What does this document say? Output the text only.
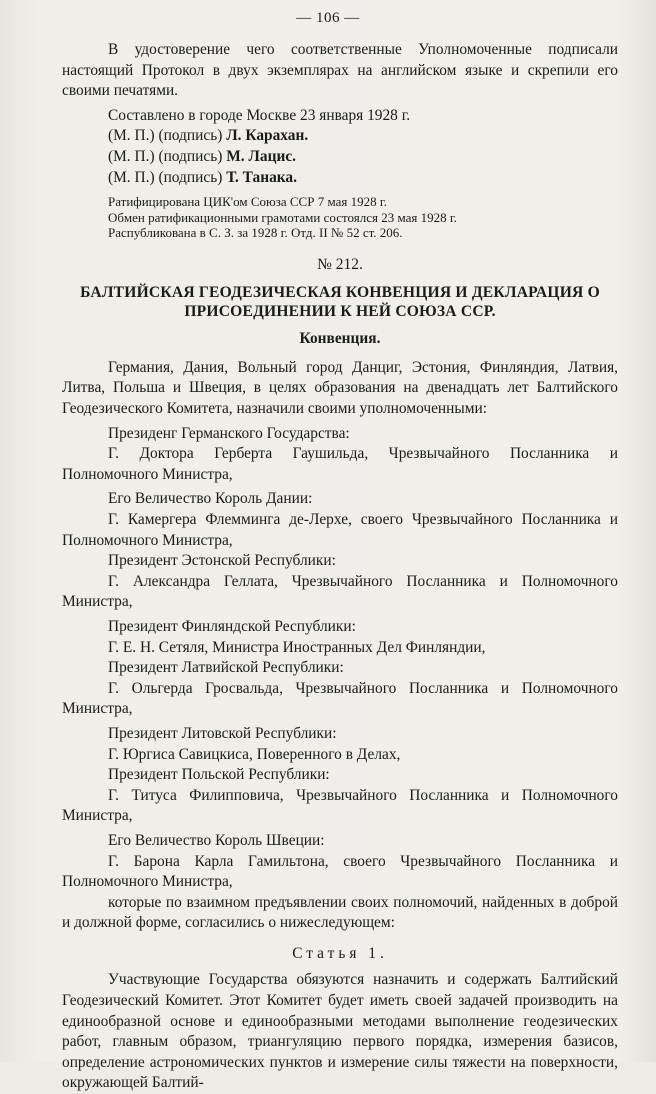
— 106 —

В удостоверение чего соответственные Уполномоченные подписали настоящий Протокол в двух экземплярах на английском языке и скрепили его своими печатями.

Составлено в городе Москве 23 января 1928 г.

(М. П.) (подпись) Л. Карахан.

(М. П.) (подпись) М. Лацис.

(М. П.) (подпись) Т. Танака.

Ратифицирована ЦИК'ом Союза ССР 7 мая 1928 г.

Обмен ратификационными грамотами состоялся 23 мая 1928 г.

Распубликована в С. З. за 1928 г. Отд. II № 52 ст. 206.

№ 212.
БАЛТИЙСКАЯ ГЕОДЕЗИЧЕСКАЯ КОНВЕНЦИЯ И ДЕКЛАРАЦИЯ О ПРИСОЕДИНЕНИИ К НЕЙ СОЮЗА ССР.
Конвенция.

Германия, Дания, Вольный город Данциг, Эстония, Финляндия, Латвия, Литва, Польша и Швеция, в целях образования на двенадцать лет Балтийского Геодезического Комитета, назначили своими уполномоченными:

Президенг Германского Государства:

Г. Доктора Герберта Гаушильда, Чрезвычайного Посланника и Полномочного Министра,

Его Величество Король Дании:

Г. Камергера Флемминга де-Лерхе, своего Чрезвычайного Посланника и Полномочного Министра,

Президент Эстонской Республики:

Г. Александра Геллата, Чрезвычайного Посланника и Полномочного Министра,

Президент Финляндской Республики:

Г. Е. Н. Сетяля, Министра Иностранных Дел Финляндии,

Президент Латвийской Республики:

Г. Ольгерда Гросвальда, Чрезвычайного Посланника и Полномочного Министра,

Президент Литовской Республики:

Г. Юргиса Савицкиса, Поверенного в Делах,

Президент Польской Республики:

Г. Титуса Филипповича, Чрезвычайного Посланника и Полномочного Министра,

Его Величество Король Швеции:

Г. Барона Карла Гамильтона, своего Чрезвычайного Посланника и Полномочного Министра,

которые по взаимном предъявлении своих полномочий, найденных в доброй и должной форме, согласились о нижеследующем:

Статья 1.

Участвующие Государства обязуются назначить и содержать Балтийский Геодезический Комитет. Этот Комитет будет иметь своей задачей производить на единообразной основе и единообразными методами выполнение геодезических работ, главным образом, триангуляцию первого порядка, измерения базисов, определение астрономических пунктов и измерение силы тяжести на поверхности, окружающей Балтий-
